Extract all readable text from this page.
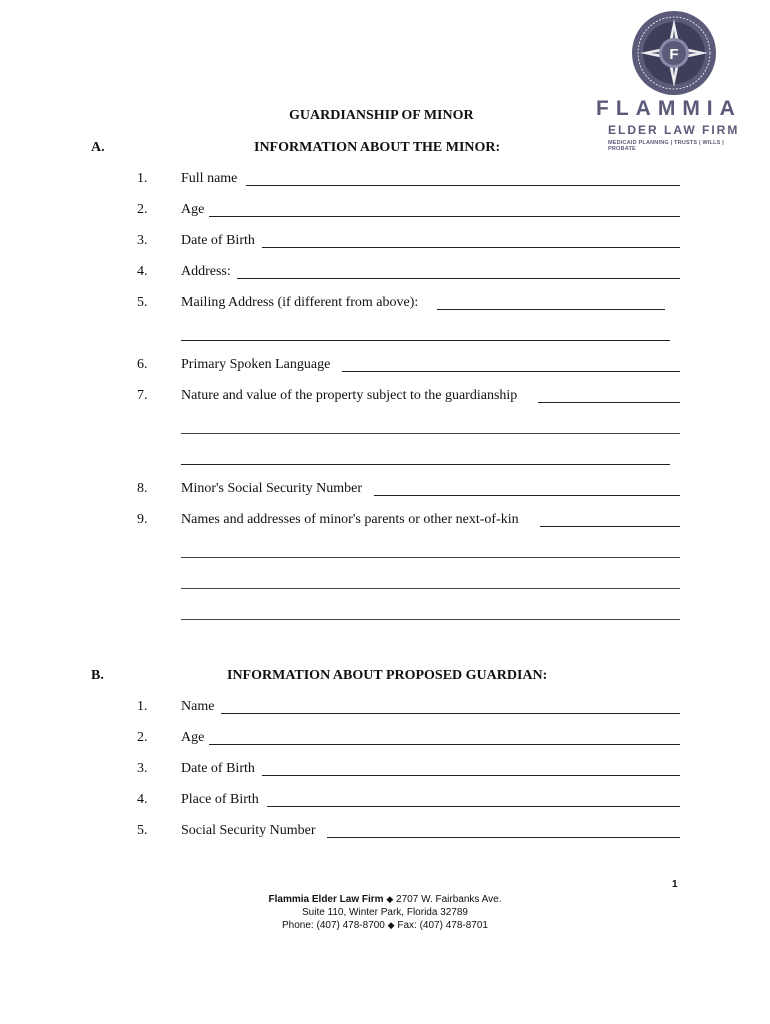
F
FLAMMIA
ELDER LAW FIRM
MEDICAID PLANNING | TRUSTS | WILLS | PROBATE
GUARDIANSHIP OF MINOR
A.	INFORMATION ABOUT THE MINOR:
1.	Full name
2.	Age
3.	Date of Birth
4.	Address:
5.	Mailing Address (if different from above):
6.	Primary Spoken Language
7.	Nature and value of the property subject to the guardianship
8.	Minor's Social Security Number
9.	Names and addresses of minor's parents or other next-of-kin
B.	INFORMATION ABOUT PROPOSED GUARDIAN:
1.	Name
2.	Age
3.	Date of Birth
4.	Place of Birth
5.	Social Security Number
1
Flammia Elder Law Firm ◆ 2707 W. Fairbanks Ave.
Suite 110, Winter Park, Florida 32789
Phone: (407) 478-8700 ◆ Fax: (407) 478-8701
